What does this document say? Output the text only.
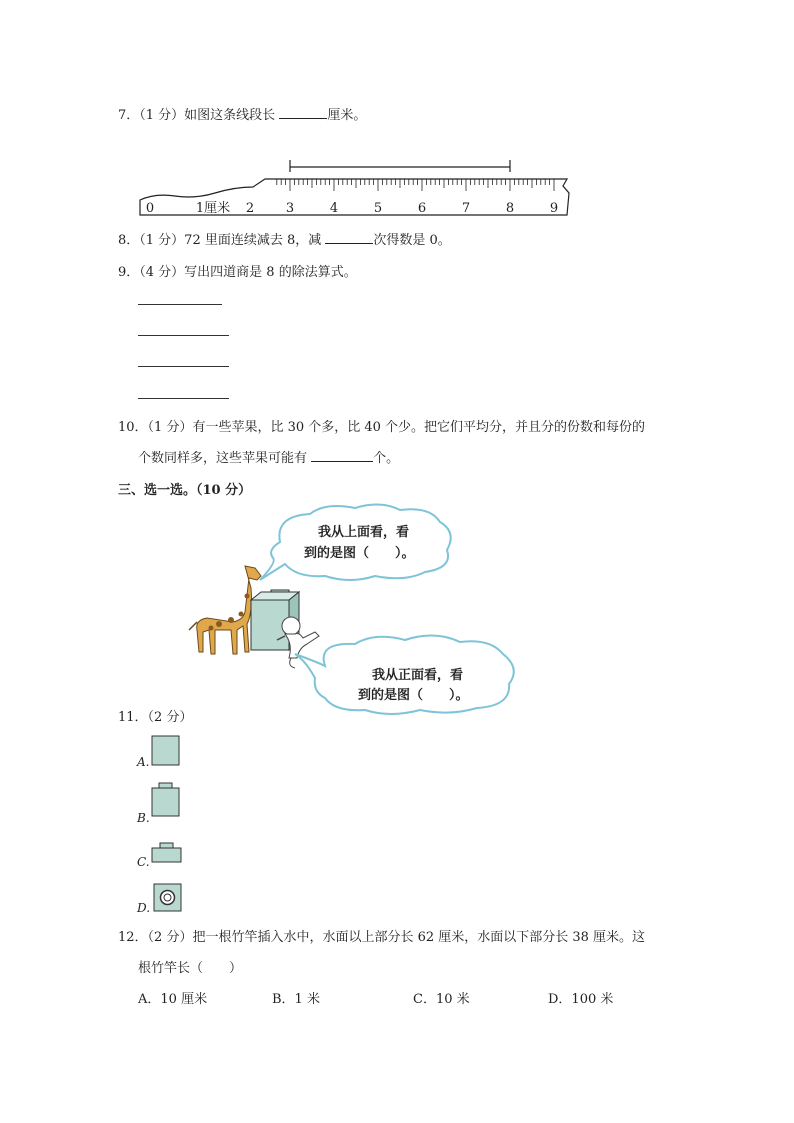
7．（1 分）如图这条线段长	厘米。
0	1厘米 2 3	4	5	6	7	8	9
8．（1 分）72 里面连续减去 8，减	次得数是 0。
9．（4 分）写出四道商是 8 的除法算式。
10．（1 分）有一些苹果，比 30 个多，比 40 个少。把它们平均分，并且分的份数和每份的
个数同样多，这些苹果可能有	个。
三、选一选。（10 分）
我从上面看，看
到的是图（　　）。
我从正面看，看
到的是图（　　）。
11．（2 分）
A.
B.
C.
D.
12．（2 分）把一根竹竿插入水中，水面以上部分长 62 厘米，水面以下部分长 38 厘米。这
根竹竿长（　　）
A．10 厘米	B．1 米	C．10 米	D．100 米
